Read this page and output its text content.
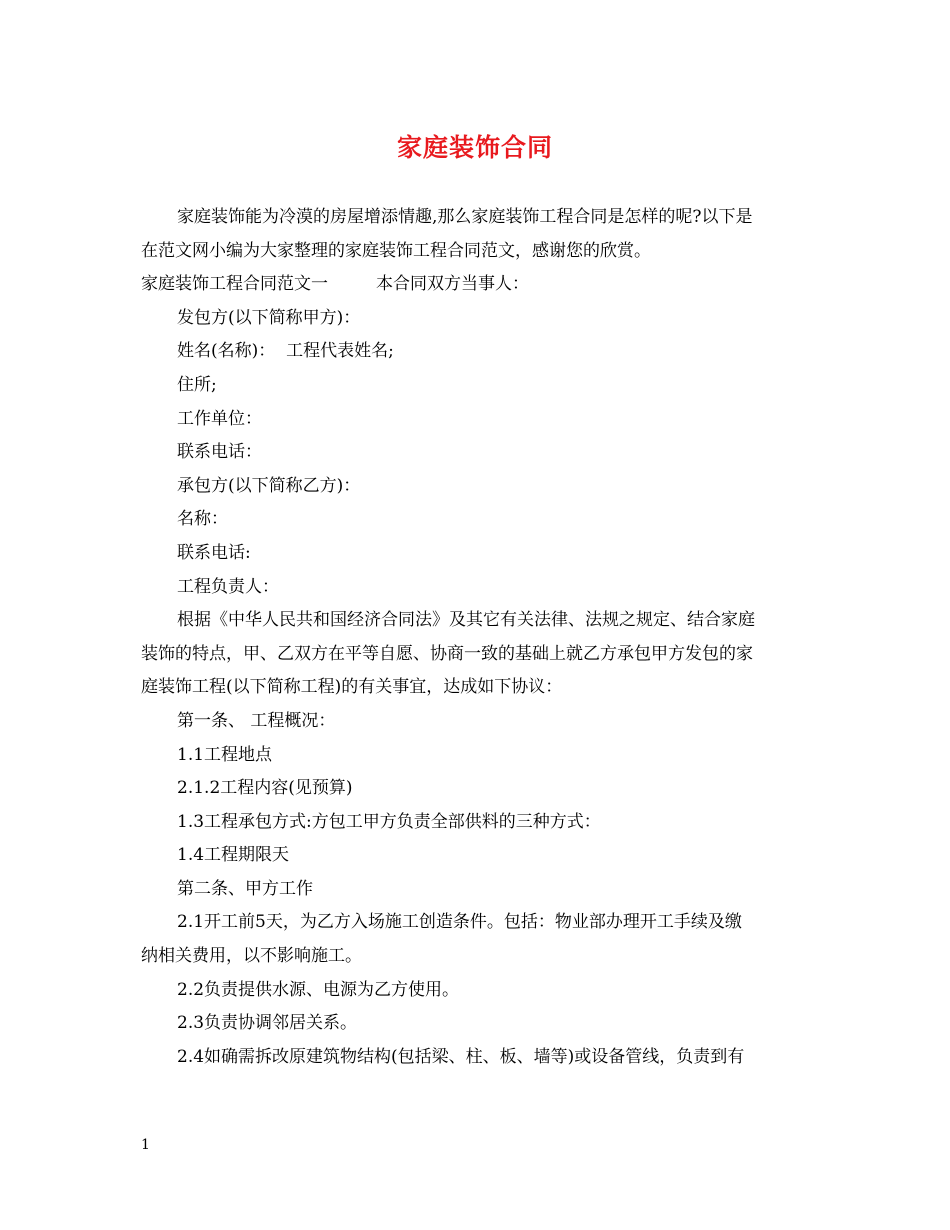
家庭装饰合同

家庭装饰能为冷漠的房屋增添情趣,那么家庭装饰工程合同是怎样的呢?以下是

在范文网小编为大家整理的家庭装饰工程合同范文，感谢您的欣赏。

家庭装饰工程合同范文一	本合同双方当事人：

发包方(以下简称甲方)：

姓名(名称)： 工程代表姓名;

住所;

工作单位：

联系电话：

承包方(以下简称乙方)：

名称：

联系电话:

工程负责人：

根据《中华人民共和国经济合同法》及其它有关法律、法规之规定、结合家庭

装饰的特点，甲、乙双方在平等自愿、协商一致的基础上就乙方承包甲方发包的家

庭装饰工程(以下简称工程)的有关事宜，达成如下协议：

第一条、 工程概况：

1.1工程地点

2.1.2工程内容(见预算)

1.3工程承包方式:方包工甲方负责全部供料的三种方式：

1.4工程期限天

第二条、甲方工作

2.1开工前5天，为乙方入场施工创造条件。包括：物业部办理开工手续及缴

纳相关费用，以不影响施工。

2.2负责提供水源、电源为乙方使用。

2.3负责协调邻居关系。

2.4如确需拆改原建筑物结构(包括梁、柱、板、墙等)或设备管线，负责到有

1
